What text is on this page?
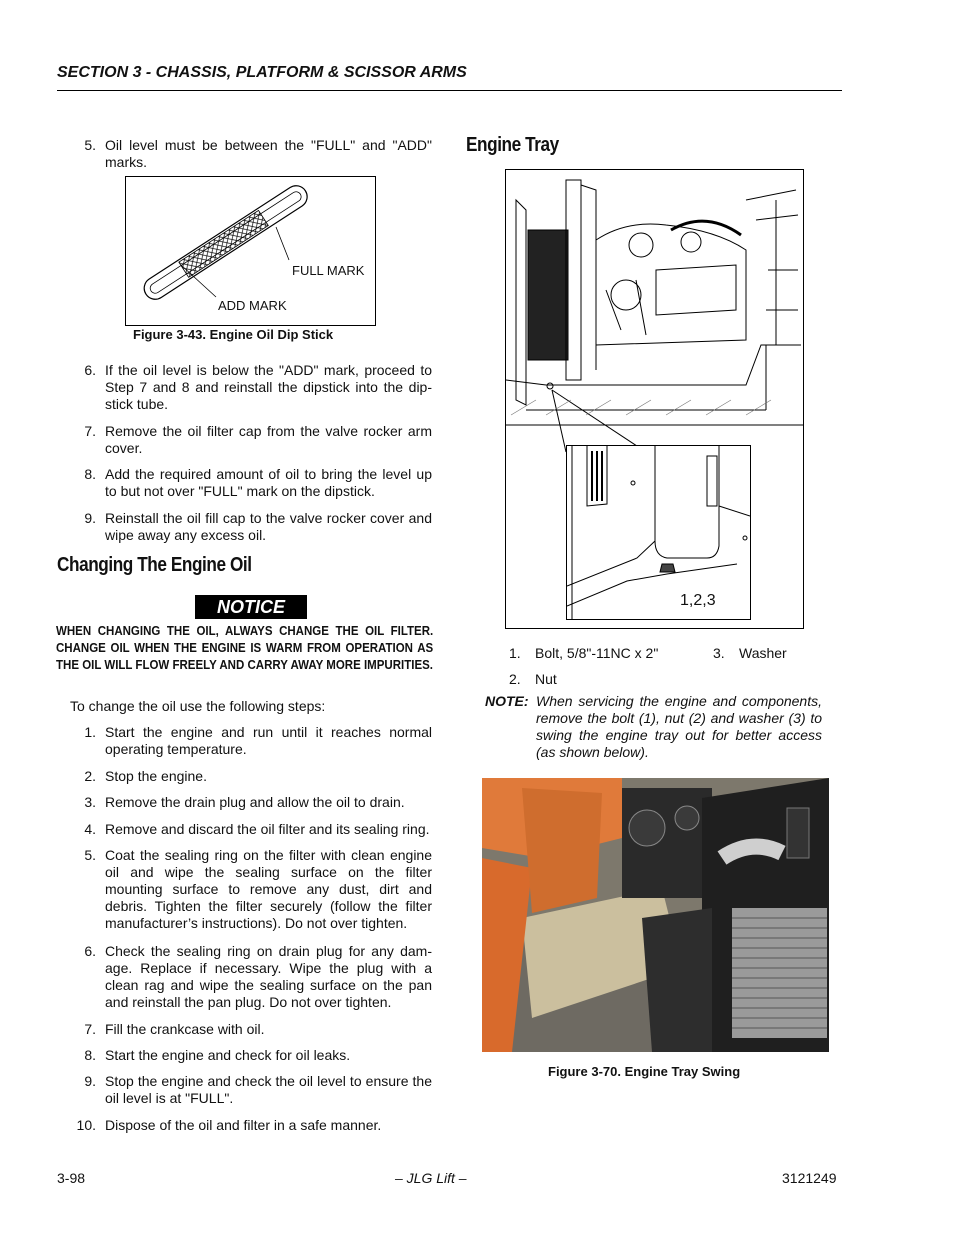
SECTION 3 - CHASSIS, PLATFORM & SCISSOR ARMS
5. Oil level must be between the "FULL" and "ADD" marks.
FULL MARK
ADD MARK
Figure 3-43. Engine Oil Dip Stick
6. If the oil level is below the "ADD" mark, proceed to Step 7 and 8 and reinstall the dipstick into the dip-stick tube.
7. Remove the oil filter cap from the valve rocker arm cover.
8. Add the required amount of oil to bring the level up to but not over "FULL" mark on the dipstick.
9. Reinstall the oil fill cap to the valve rocker cover and wipe away any excess oil.
Changing The Engine Oil
NOTICE
WHEN CHANGING THE OIL, ALWAYS CHANGE THE OIL FILTER. CHANGE OIL WHEN THE ENGINE IS WARM FROM OPERATION AS THE OIL WILL FLOW FREELY AND CARRY AWAY MORE IMPURITIES.
To change the oil use the following steps:
1. Start the engine and run until it reaches normal operating temperature.
2. Stop the engine.
3. Remove the drain plug and allow the oil to drain.
4. Remove and discard the oil filter and its sealing ring.
5. Coat the sealing ring on the filter with clean engine oil and wipe the sealing surface on the filter mounting surface to remove any dust, dirt and debris. Tighten the filter securely (follow the filter manufacturer’s instructions). Do not over tighten.
6. Check the sealing ring on drain plug for any dam-age. Replace if necessary. Wipe the plug with a clean rag and wipe the sealing surface on the pan and reinstall the pan plug. Do not over tighten.
7. Fill the crankcase with oil.
8. Start the engine and check for oil leaks.
9. Stop the engine and check the oil level to ensure the oil level is at "FULL".
10. Dispose of the oil and filter in a safe manner.
Engine Tray
1,2,3
1. Bolt, 5/8"-11NC x 2"	3. Washer
2. Nut
NOTE: When servicing the engine and components, remove the bolt (1), nut (2) and washer (3) to swing the engine tray out for better access (as shown below).
Figure 3-70. Engine Tray Swing
3-98	– JLG Lift –	3121249
